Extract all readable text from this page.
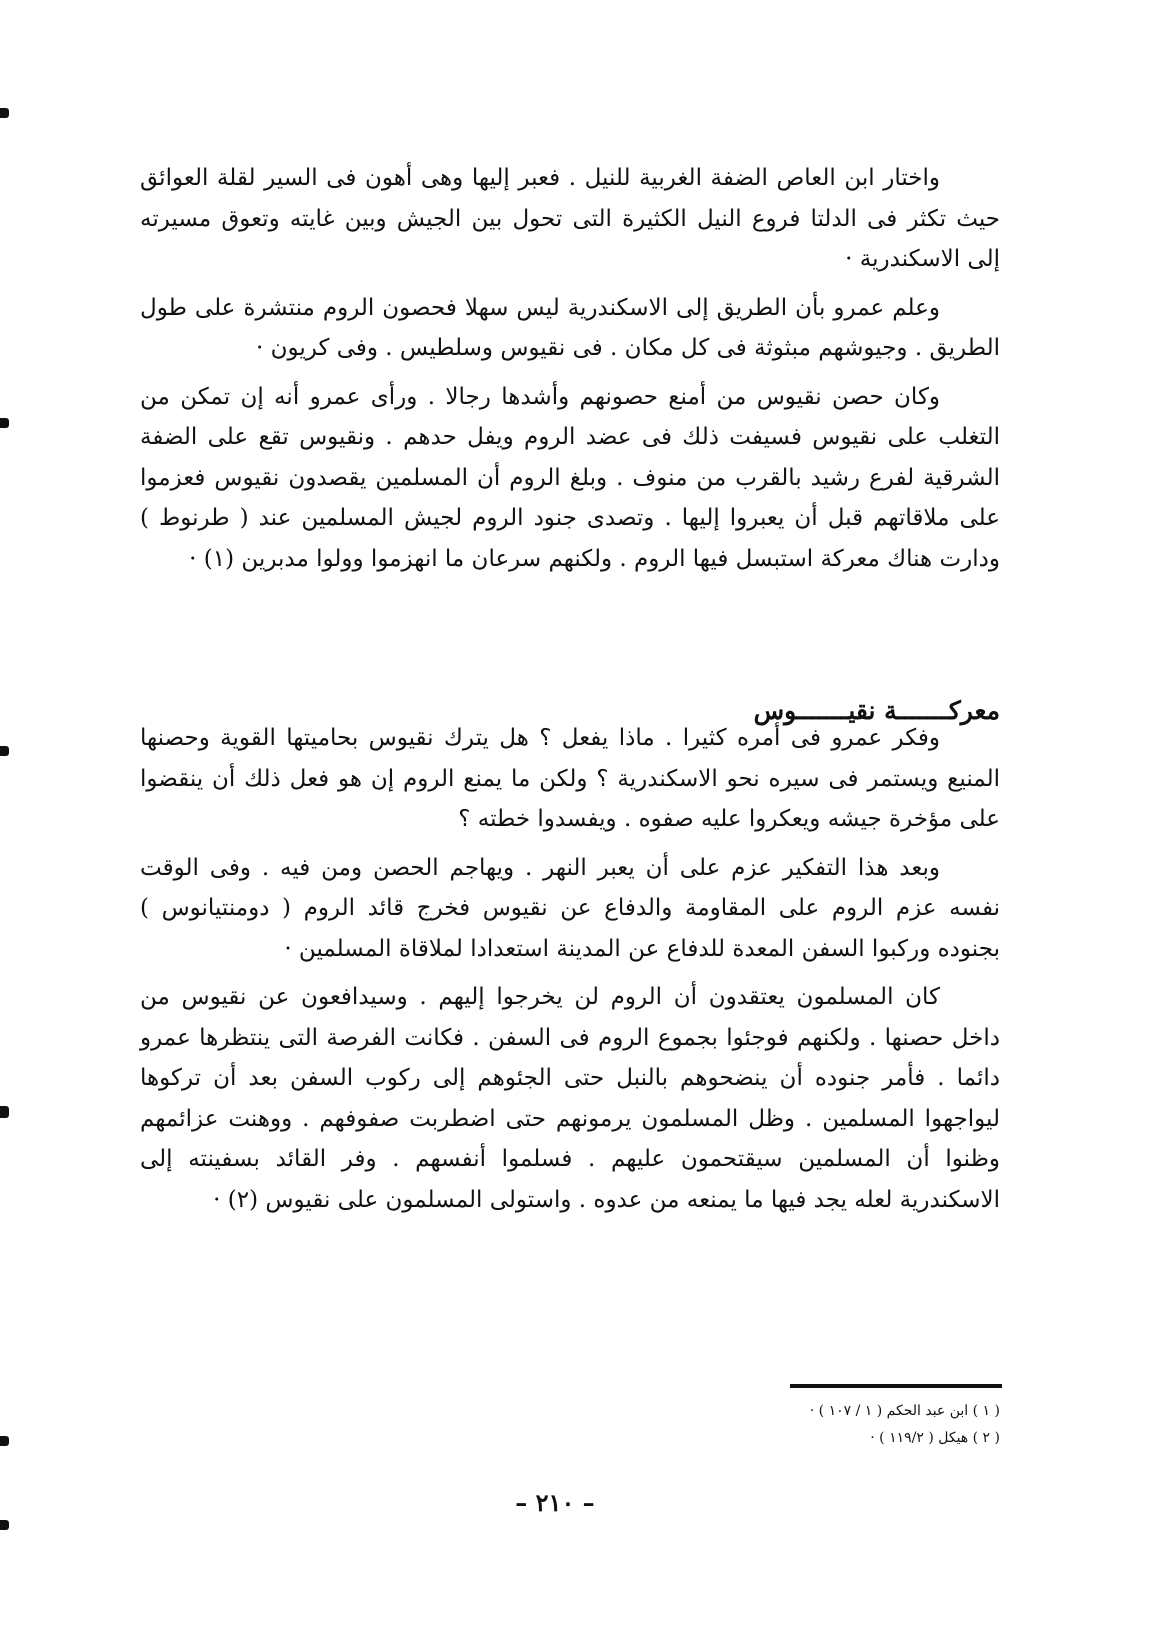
واختار ابن العاص الضفة الغربية للنيل . فعبر إليها وهى أهون فى السير لقلة العوائق حيث تكثر فى الدلتا فروع النيل الكثيرة التى تحول بين الجيش وبين غايته وتعوق مسيرته إلى الاسكندرية ·

وعلم عمرو بأن الطريق إلى الاسكندرية ليس سهلا فحصون الروم منتشرة على طول الطريق . وجيوشهم مبثوثة فى كل مكان . فى نقيوس وسلطيس . وفى كريون ·

وكان حصن نقيوس من أمنع حصونهم وأشدها رجالا . ورأى عمرو أنه إن تمكن من التغلب على نقيوس فسيفت ذلك فى عضد الروم ويفل حدهم . ونقيوس تقع على الضفة الشرقية لفرع رشيد بالقرب من منوف . وبلغ الروم أن المسلمين يقصدون نقيوس فعزموا على ملاقاتهم قبل أن يعبروا إليها . وتصدى جنود الروم لجيش المسلمين عند ( طرنوط ) ودارت هناك معركة استبسل فيها الروم . ولكنهم سرعان ما انهزموا وولوا مدبرين (١) ·

معركـــــــة نقيـــــــوس

وفكر عمرو فى أمره كثيرا . ماذا يفعل ؟ هل يترك نقيوس بحاميتها القوية وحصنها المنيع ويستمر فى سيره نحو الاسكندرية ؟ ولكن ما يمنع الروم إن هو فعل ذلك أن ينقضوا على مؤخرة جيشه ويعكروا عليه صفوه . ويفسدوا خطته ؟

وبعد هذا التفكير عزم على أن يعبر النهر . ويهاجم الحصن ومن فيه . وفى الوقت نفسه عزم الروم على المقاومة والدفاع عن نقيوس فخرج قائد الروم ( دومنتيانوس ) بجنوده وركبوا السفن المعدة للدفاع عن المدينة استعدادا لملاقاة المسلمين ·

كان المسلمون يعتقدون أن الروم لن يخرجوا إليهم . وسيدافعون عن نقيوس من داخل حصنها . ولكنهم فوجئوا بجموع الروم فى السفن . فكانت الفرصة التى ينتظرها عمرو دائما . فأمر جنوده أن ينضحوهم بالنبل حتى الجئوهم إلى ركوب السفن بعد أن تركوها ليواجهوا المسلمين . وظل المسلمون يرمونهم حتى اضطربت صفوفهم . ووهنت عزائمهم وظنوا أن المسلمين سيقتحمون عليهم . فسلموا أنفسهم . وفر القائد بسفينته إلى الاسكندرية لعله يجد فيها ما يمنعه من عدوه . واستولى المسلمون على نقيوس (٢) ·

( ١ ) ابن عبد الحكم ( ١ / ١٠٧ ) ·
( ٢ ) هيكل ( ١١٩/٢ ) ·
– ٢١٠ –
